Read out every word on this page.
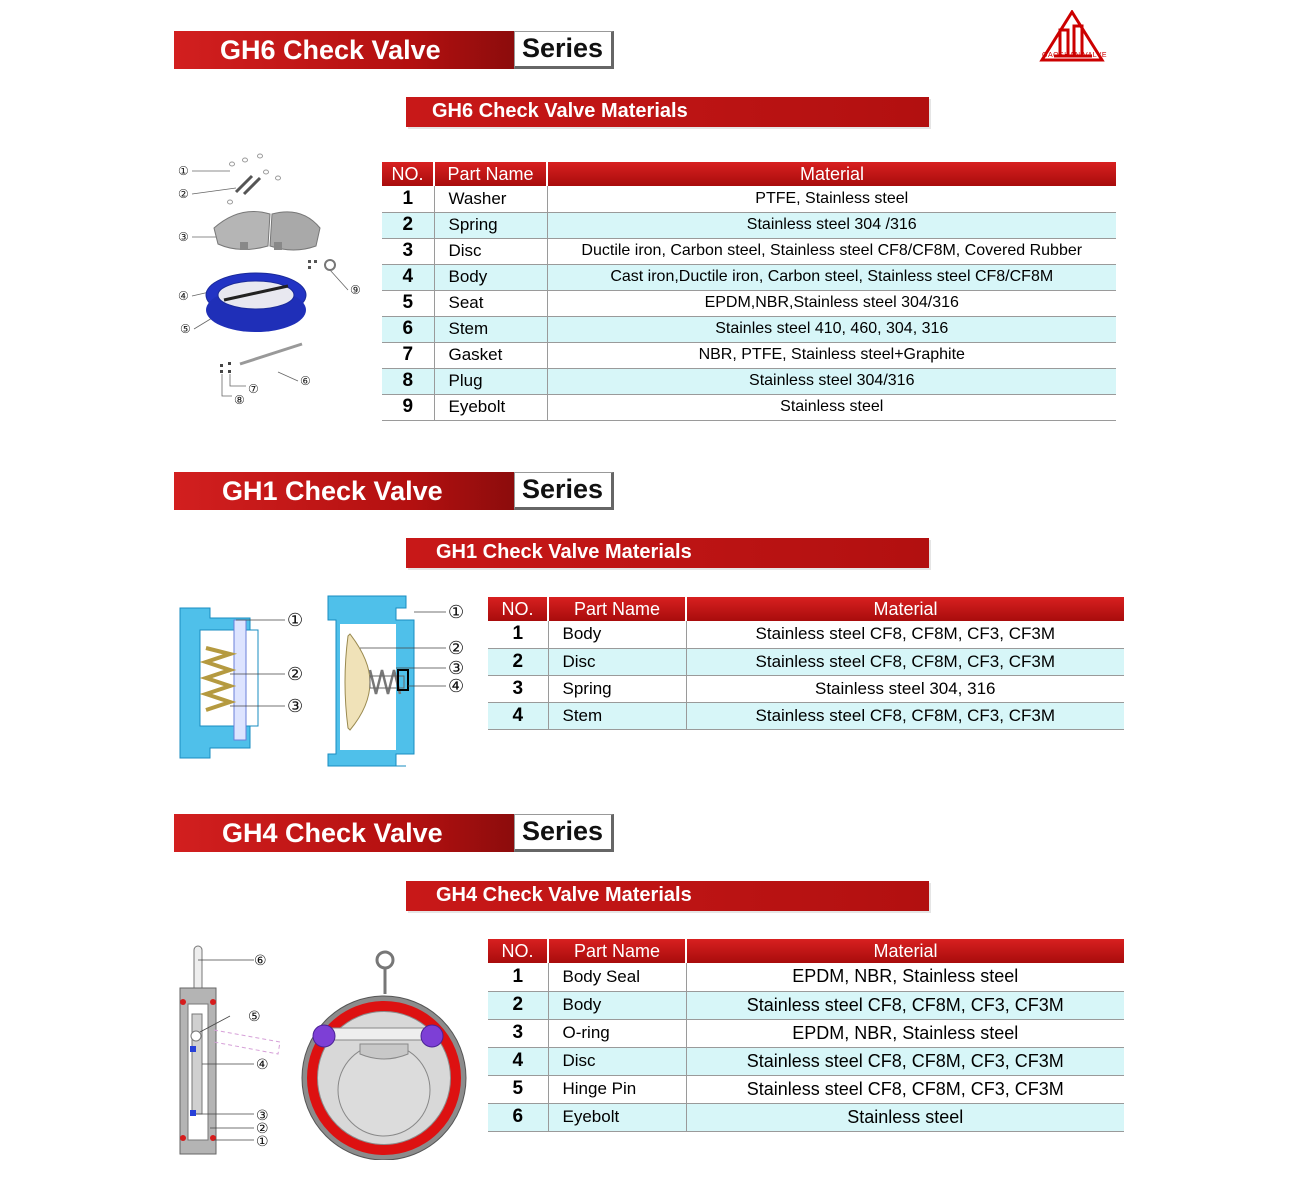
GAOSHAN VALVE
GH6 Check Valve	Series
GH6 Check Valve Materials
①
②
③
④
⑤
⑥
⑦
⑧
⑨
NO.	Part Name	Material
1	Washer	PTFE, Stainless steel
2	Spring	Stainless steel 304 /316
3	Disc	Ductile iron, Carbon steel, Stainless steel CF8/CF8M, Covered Rubber
4	Body	Cast iron,Ductile iron, Carbon steel, Stainless steel CF8/CF8M
5	Seat	EPDM,NBR,Stainless steel 304/316
6	Stem	Stainles steel 410, 460, 304, 316
7	Gasket	NBR, PTFE, Stainless steel+Graphite
8	Plug	Stainless steel 304/316
9	Eyebolt	Stainless steel
GH1 Check Valve	Series
GH1 Check Valve Materials
①
②
③
①
②
③
④
NO.	Part Name	Material
1	Body	Stainless steel CF8, CF8M, CF3, CF3M
2	Disc	Stainless steel CF8, CF8M, CF3, CF3M
3	Spring	Stainless steel 304, 316
4	Stem	Stainless steel CF8, CF8M, CF3, CF3M
GH4 Check Valve	Series
GH4 Check Valve Materials
⑥
⑤
④
③
②
①
NO.	Part Name	Material
1	Body Seal	EPDM, NBR, Stainless steel
2	Body	Stainless steel CF8, CF8M, CF3, CF3M
3	O-ring	EPDM, NBR, Stainless steel
4	Disc	Stainless steel CF8, CF8M, CF3, CF3M
5	Hinge Pin	Stainless steel CF8, CF8M, CF3, CF3M
6	Eyebolt	Stainless steel
